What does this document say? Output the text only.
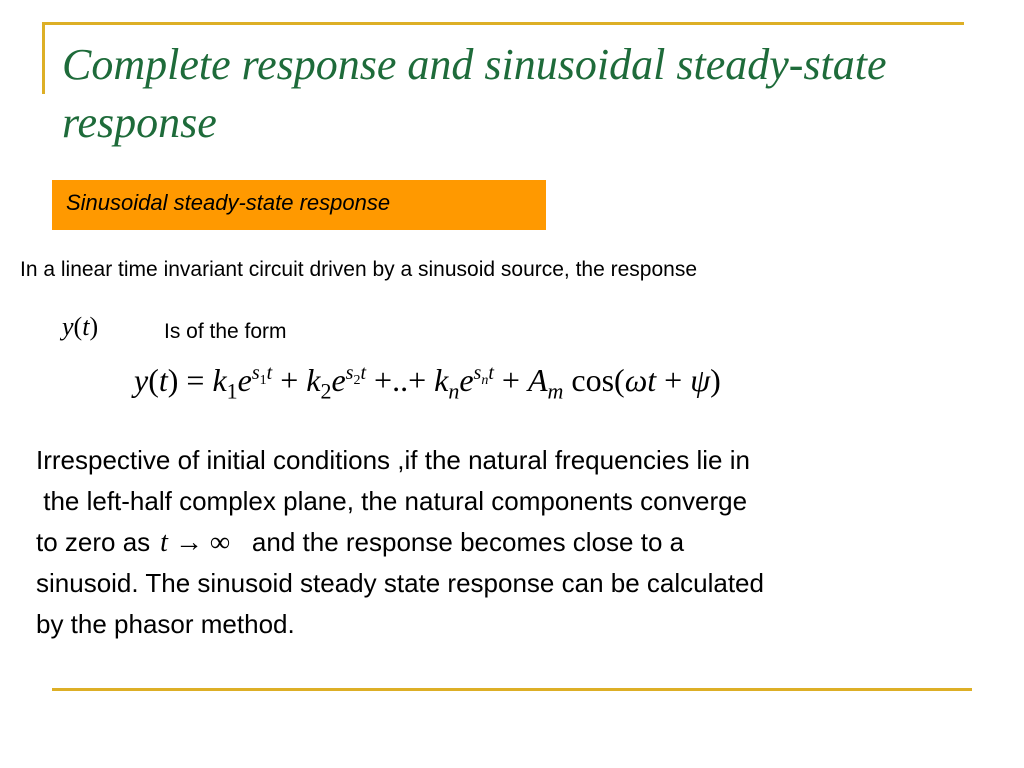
Complete response and sinusoidal steady-state response
Sinusoidal steady-state response
In a linear time invariant circuit driven by a sinusoid source, the response
y(t)	Is of the form
$y(t) = k_1e^{s_1t} + k_2e^{s_2t}$ +..+ $k_ne^{s_nt} + A_m$ cos(ωt + ψ)
Irrespective of initial conditions ,if the natural frequencies lie in
the left-half complex plane, the natural components converge
to zero as t → ∞ and the response becomes close to a
sinusoid. The sinusoid steady state response can be calculated
by the phasor method.
